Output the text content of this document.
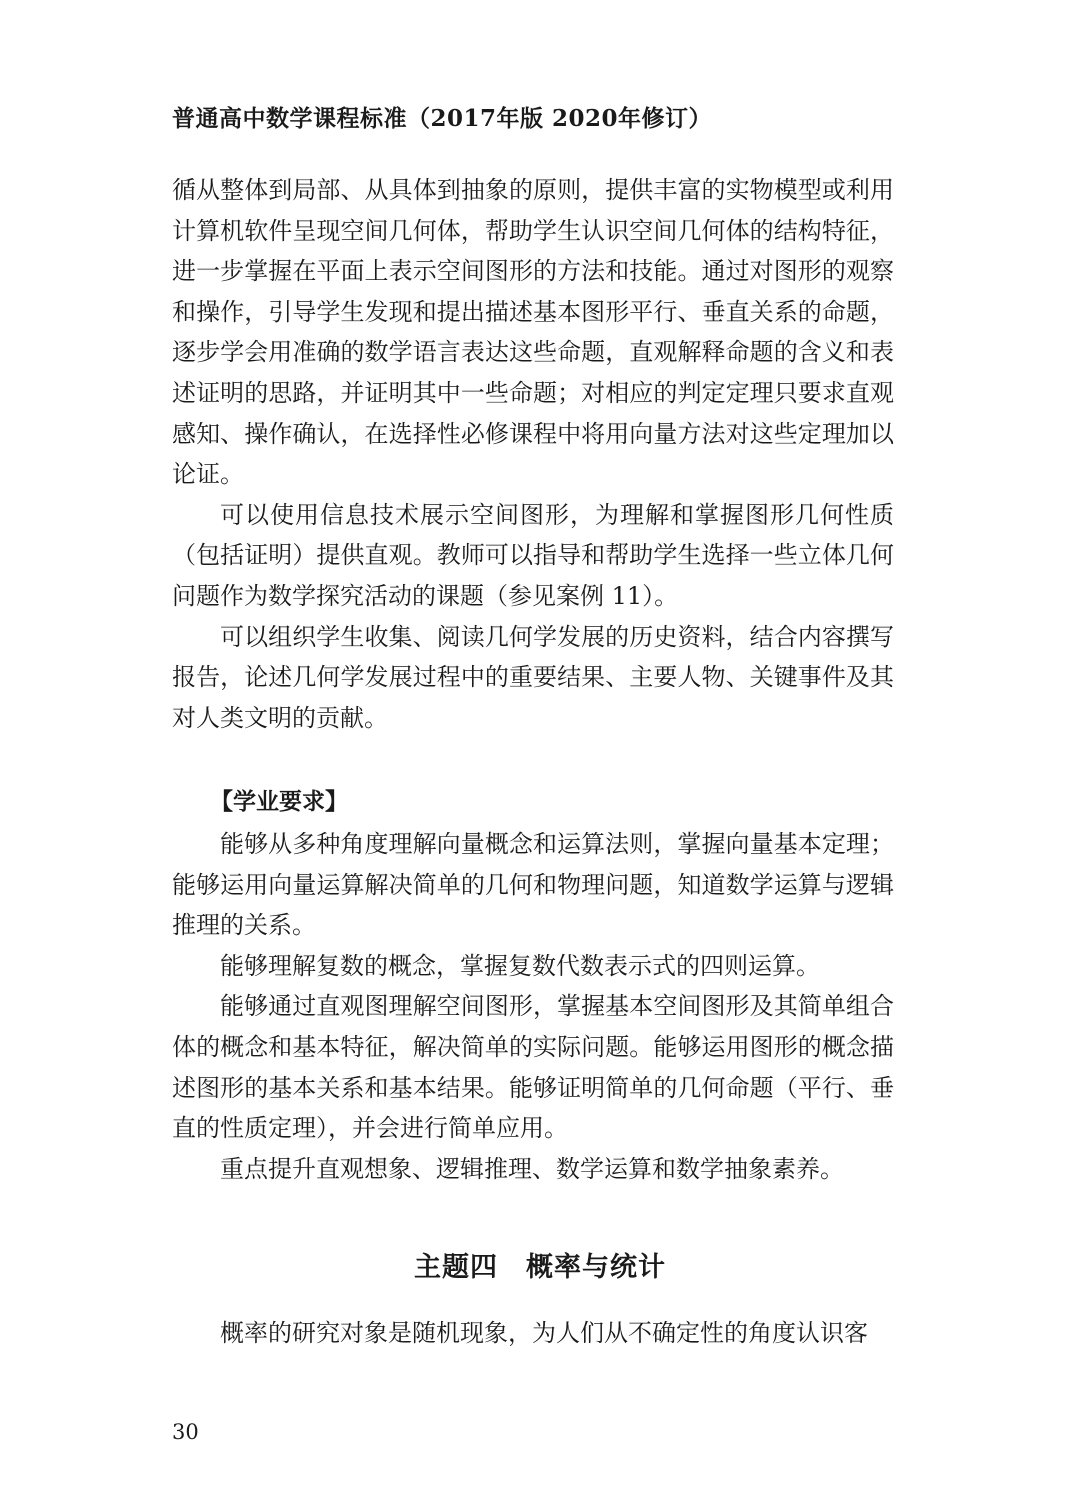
普通高中数学课程标准（2017年版 2020年修订）

循从整体到局部、从具体到抽象的原则，提供丰富的实物模型或利用计算机软件呈现空间几何体，帮助学生认识空间几何体的结构特征，进一步掌握在平面上表示空间图形的方法和技能。通过对图形的观察和操作，引导学生发现和提出描述基本图形平行、垂直关系的命题，逐步学会用准确的数学语言表达这些命题，直观解释命题的含义和表述证明的思路，并证明其中一些命题；对相应的判定定理只要求直观感知、操作确认，在选择性必修课程中将用向量方法对这些定理加以论证。

可以使用信息技术展示空间图形，为理解和掌握图形几何性质（包括证明）提供直观。教师可以指导和帮助学生选择一些立体几何问题作为数学探究活动的课题（参见案例 11）。

可以组织学生收集、阅读几何学发展的历史资料，结合内容撰写报告，论述几何学发展过程中的重要结果、主要人物、关键事件及其对人类文明的贡献。

【学业要求】

能够从多种角度理解向量概念和运算法则，掌握向量基本定理；能够运用向量运算解决简单的几何和物理问题，知道数学运算与逻辑推理的关系。

能够理解复数的概念，掌握复数代数表示式的四则运算。

能够通过直观图理解空间图形，掌握基本空间图形及其简单组合体的概念和基本特征，解决简单的实际问题。能够运用图形的概念描述图形的基本关系和基本结果。能够证明简单的几何命题（平行、垂直的性质定理），并会进行简单应用。

重点提升直观想象、逻辑推理、数学运算和数学抽象素养。

主题四　概率与统计

概率的研究对象是随机现象，为人们从不确定性的角度认识客

30
